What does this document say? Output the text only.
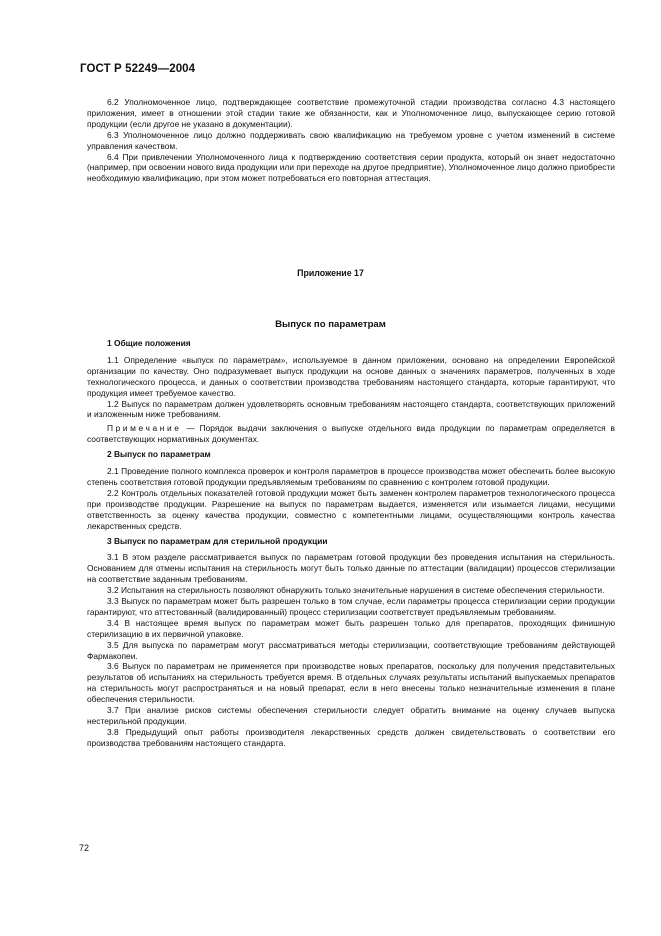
ГОСТ Р 52249—2004

6.2 Уполномоченное лицо, подтверждающее соответствие промежуточной стадии производства согласно 4.3 настоящего приложения, имеет в отношении этой стадии такие же обязанности, как и Уполномоченное лицо, выпускающее серию готовой продукции (если другое не указано в документации).

6.3 Уполномоченное лицо должно поддерживать свою квалификацию на требуемом уровне с учетом изменений в системе управления качеством.

6.4 При привлечении Уполномоченного лица к подтверждению соответствия серии продукта, который он знает недостаточно (например, при освоении нового вида продукции или при переходе на другое предприятие), Уполномоченное лицо должно приобрести необходимую квалификацию, при этом может потребоваться его повторная аттестация.

Приложение 17
Выпуск по параметрам

1 Общие положения

1.1 Определение «выпуск по параметрам», используемое в данном приложении, основано на определении Европейской организации по качеству. Оно подразумевает выпуск продукции на основе данных о значениях параметров, полученных в ходе технологического процесса, и данных о соответствии производства требованиям настоящего стандарта, которые гарантируют, что продукция имеет требуемое качество.

1.2 Выпуск по параметрам должен удовлетворять основным требованиям настоящего стандарта, соответствующих приложений и изложенным ниже требованиям.

Примечание — Порядок выдачи заключения о выпуске отдельного вида продукции по параметрам определяется в соответствующих нормативных документах.

2 Выпуск по параметрам

2.1 Проведение полного комплекса проверок и контроля параметров в процессе производства может обеспечить более высокую степень соответствия готовой продукции предъявляемым требованиям по сравнению с контролем готовой продукции.

2.2 Контроль отдельных показателей готовой продукции может быть заменен контролем параметров технологического процесса при производстве продукции. Разрешение на выпуск по параметрам выдается, изменяется или изымается лицами, несущими ответственность за оценку качества продукции, совместно с компетентными лицами, осуществляющими контроль качества лекарственных средств.

3 Выпуск по параметрам для стерильной продукции

3.1 В этом разделе рассматривается выпуск по параметрам готовой продукции без проведения испытания на стерильность. Основанием для отмены испытания на стерильность могут быть только данные по аттестации (валидации) процессов стерилизации на соответствие заданным требованиям.

3.2 Испытания на стерильность позволяют обнаружить только значительные нарушения в системе обеспечения стерильности.

3.3 Выпуск по параметрам может быть разрешен только в том случае, если параметры процесса стерилизации серии продукции гарантируют, что аттестованный (валидированный) процесс стерилизации соответствует предъявляемым требованиям.

3.4 В настоящее время выпуск по параметрам может быть разрешен только для препаратов, проходящих финишную стерилизацию в их первичной упаковке.

3.5 Для выпуска по параметрам могут рассматриваться методы стерилизации, соответствующие требованиям действующей Фармакопеи.

3.6 Выпуск по параметрам не применяется при производстве новых препаратов, поскольку для получения представительных результатов об испытаниях на стерильность требуется время. В отдельных случаях результаты испытаний выпускаемых препаратов на стерильность могут распространяться и на новый препарат, если в него внесены только незначительные изменения в плане обеспечения стерильности.

3.7 При анализе рисков системы обеспечения стерильности следует обратить внимание на оценку случаев выпуска нестерильной продукции.

3.8 Предыдущий опыт работы производителя лекарственных средств должен свидетельствовать о соответствии его производства требованиям настоящего стандарта.

72
